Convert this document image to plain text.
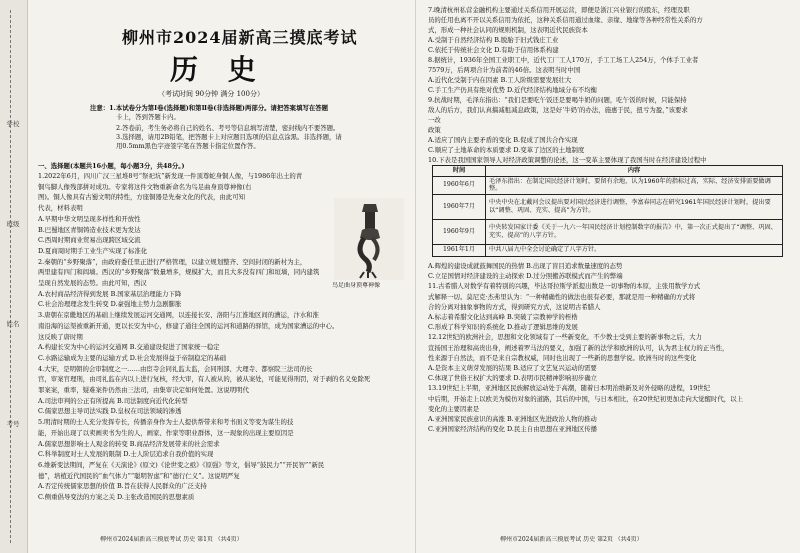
学校
班级
姓名
考号
柳州市2024届新高三摸底考试
历 史
（考试时间 90分钟 满分 100分）
注意：1.本试卷分为第Ⅰ卷(选择题)和第Ⅱ卷(非选择题)两部分。请把答案填写在答题
卡上，答到答题卡内。
2.答卷前，考生务必将自己的姓名、考号等信息填写清楚，密封线内不要答题。
3.选择题，请用2B铅笔，把答题卡上对应题目选项的信息点涂黑。非选择题，请
用0.5mm黑色字迹签字笔在答题卡指定位置作答。
一、选择题(本题共16小题，每小题3分，共48分。)
鸟足曲身顶尊神像
1.2022年6月，四川广汉三星堆8号“祭祀坑”新发现一件顶尊蛇身铜人像，与1986年出土的青
铜鸟脚人像残部拼对成功。专家将这件文物重新命名为鸟足曲身顶尊神像(右
图)。铜人像具有古蜀文明的特性，方座铜器是先秦文化的代表，由此可知
代表，材料表明
A.早期中华文明呈现多样性和开放性
B.巴蜀地区青铜铸造业技术更为发达
C.西周时期商业贸易出现跨区域交流
D.夏商周时期手工业生产实现了标准化
2.秦朝的“乡野聚落”，由政府委任里正进行严格管理，以建立规划整齐、空间封闭的新村为主，
两里建有四门和闾墙。西汉的“乡野聚落”数量增多，规模扩大，而且大多没有四门和垣墙，同内建筑
呈现自然发展的态势。由此可知，西汉
A.农村商品经济得到发展 B.国家基层治理能力下降
C.社会治理理念发生转变 D.豪强地主势力急剧膨胀
3.唐朝在京畿地区的基础上继续发展运河交通网，以连接长安、洛阳与江淮地区间的漕运，汴水和淮
南沿海的运渠被重新开通，更以长安为中心，修建了通往全国的运河和道路的驿馆，成为国家漕运的中心。
这反映了唐时期
A.构建长安为中心的运河交通网 B.交通建设促进了国家统一稳定
C.水路运输成为主要的运输方式 D.社会发展得益于帝制稳定的基础
4.大宋，是明朝的会审制度之一……由宦寺会同礼监太监，会同刑部、大理寺、都察院三法司的长
官，审案官理刑，由司礼监在内以上进行复核，经大审，有人被从的，被从案处，可能见得刑罚，对于剥的名义免除死
罪案案，重率，疑难案件仍然由三法司，由集审决定如何处置。这说明明代
A.司法审判的公正有所提高 B.司法制度向近代化转型
C.儒家思想主导司法实践 D.皇权在司法领域的渗透
5.明清时期的士人充分发挥专长，传播亲身作为士人提供帮带来和考书面义等变为谋生的技
能，开始出现了以卖画卖书为生的人，画家、作家等职业群体，这一现象的出现主要原因是
A.儒家思想影响士人观念的转变 B.商品经济发展带来的社会需求
C.科举制度对士人发展的限制 D.士人阶层追求自我价值的实现
6.维新变法期间，严复在《天演论》(原文)《论世变之亟》《原强》等文，倡导“鼓民力”“开民智”“新民
德”，培植近代国民的“血气体力”“聪明智虑”和“德行仁义”。这说明严复
A.否定传统儒家思想的价值 B.旨在获得人民群众的广泛支持
C.侧重倡导变法的方案之关 D.主张改造国民的思想素质
柳州市2024届新高三摸底考试 历史 第1页 （共4页）
7.晚清杭州私营金融机构主要通过关系信用开展运营，即便是浙江兴业银行的股东，经理及职
员的任用也离不开以关系信用为依托，这种关系信用通过血缘、亲缘、地缘等各种经常性关系的方
式，形成一种社会认同的规则机制，这表明近代民族资本
A.受制于自然经济结构 B.脱胎于旧式钱庄工业
C.依托于传统社会文化 D.有助于信用体系构建
8.据统计，1936年全国工业职工中，近代工厂工人170万，手工工场工人254万，个体手工业者
7579万，后两项合计为前者的46倍。这表明当时中国
A.近代化受制于内在因素 B.工人阶级需要发展壮大
C.手工生产仍具有绝对优势 D.近代经济结构地域分布不均衡
9.抗战时期，毛泽东指出：“我们是要吃午饭还是要喝牛奶的问题，吃午饭的时候，只能保持
敌人的后方，我们认真搞减租减息政策，这是好‘牛奶’的办法，施惠于民，扭亏为盈，”该要求
一改
政策
A.适应了国内主要矛盾的变化 B.促成了国共合作实现
C.顺应了土地革命的本质要求 D.变革了边区的土地制度
10.下表是我国国家领导人对经济政策调整的论述，这一变革主要体现了我国当时在经济建设过程中
时间	内容
1960年6月	毛泽东指出：在制定国民经济计划时，要留有余地，认为1960年的指标过高，实际，经济安排需要做调整。

1960年7月	中央中央在北戴河会议提出要对国民经济进行调整，李富春同志在研究1961年国民经济计划时，提出要以“调整、巩固、充实、提高”为方针。

1960年9月	中央转发国家计委《关于一九六一年国民经济计划控制数字的报告》中，第一次正式提出了“调整、巩固、充实、提高”的八字方针。

1961年1月	中共八届九中全会讨论确定了八字方针。
A.辉煌的建设成就鼓舞国民的热情 B.出现了盲目追求数量速度的态势
C.立足国情对经济建设的主动探索 D.过分照搬苏联模式而产生的弊端
11.古希腊人对数学有着特别的兴趣，毕达哥拉斯学派提出数是一切事物的本原，主张用数学方式
式解释一切。莫尼克·杰弗里认为：“一种精确性的做法也很有必要，那就是用一种精确的方式将
合的分离对抽象事物的方式，得到研究方式，这说明古希腊人
A.标志着希腊文化达到高峰 B.突破了宗教神学的桎梏
C.形成了科学知识的系统化 D.推动了逻辑思维的发展
12.12世纪的欧洲社会，思想和文化领域有了一些新变化，不少教士受到主要的新事物之后，大力
宣扬国王治理和高贵出身，阐述着罗马法的要义，加强了新的法学和欧洲的认可，认为君主权力的正当性，
性来源于自然法，而不是来自宗教权威，同时也出现了一些新的思想学说。欧洲当时的这些变化
A.是资本主义萌芽发展的结果 B.适应了文艺复兴运动的需要
C.体现了世俗王权扩大的要求 D.表明市民精神影响初步确立
13.19世纪上半期，亚洲地区民族解放运动处于高潮，随着日本明治维新及对外侵略的进程，19世纪
中后期，开始走上以欧美为模仿对象的道路，其后的中国，与日本相比，在20世纪初更加走向大觉醒时代，以上
变化的主要因素是
A.亚洲国家民族意识的高涨 B.亚洲地区先进政治人物的推动
C.亚洲国家经济结构的变化 D.民主自由思想在亚洲地区传播
柳州市2024届新高三摸底考试 历史 第2页 （共4页）
